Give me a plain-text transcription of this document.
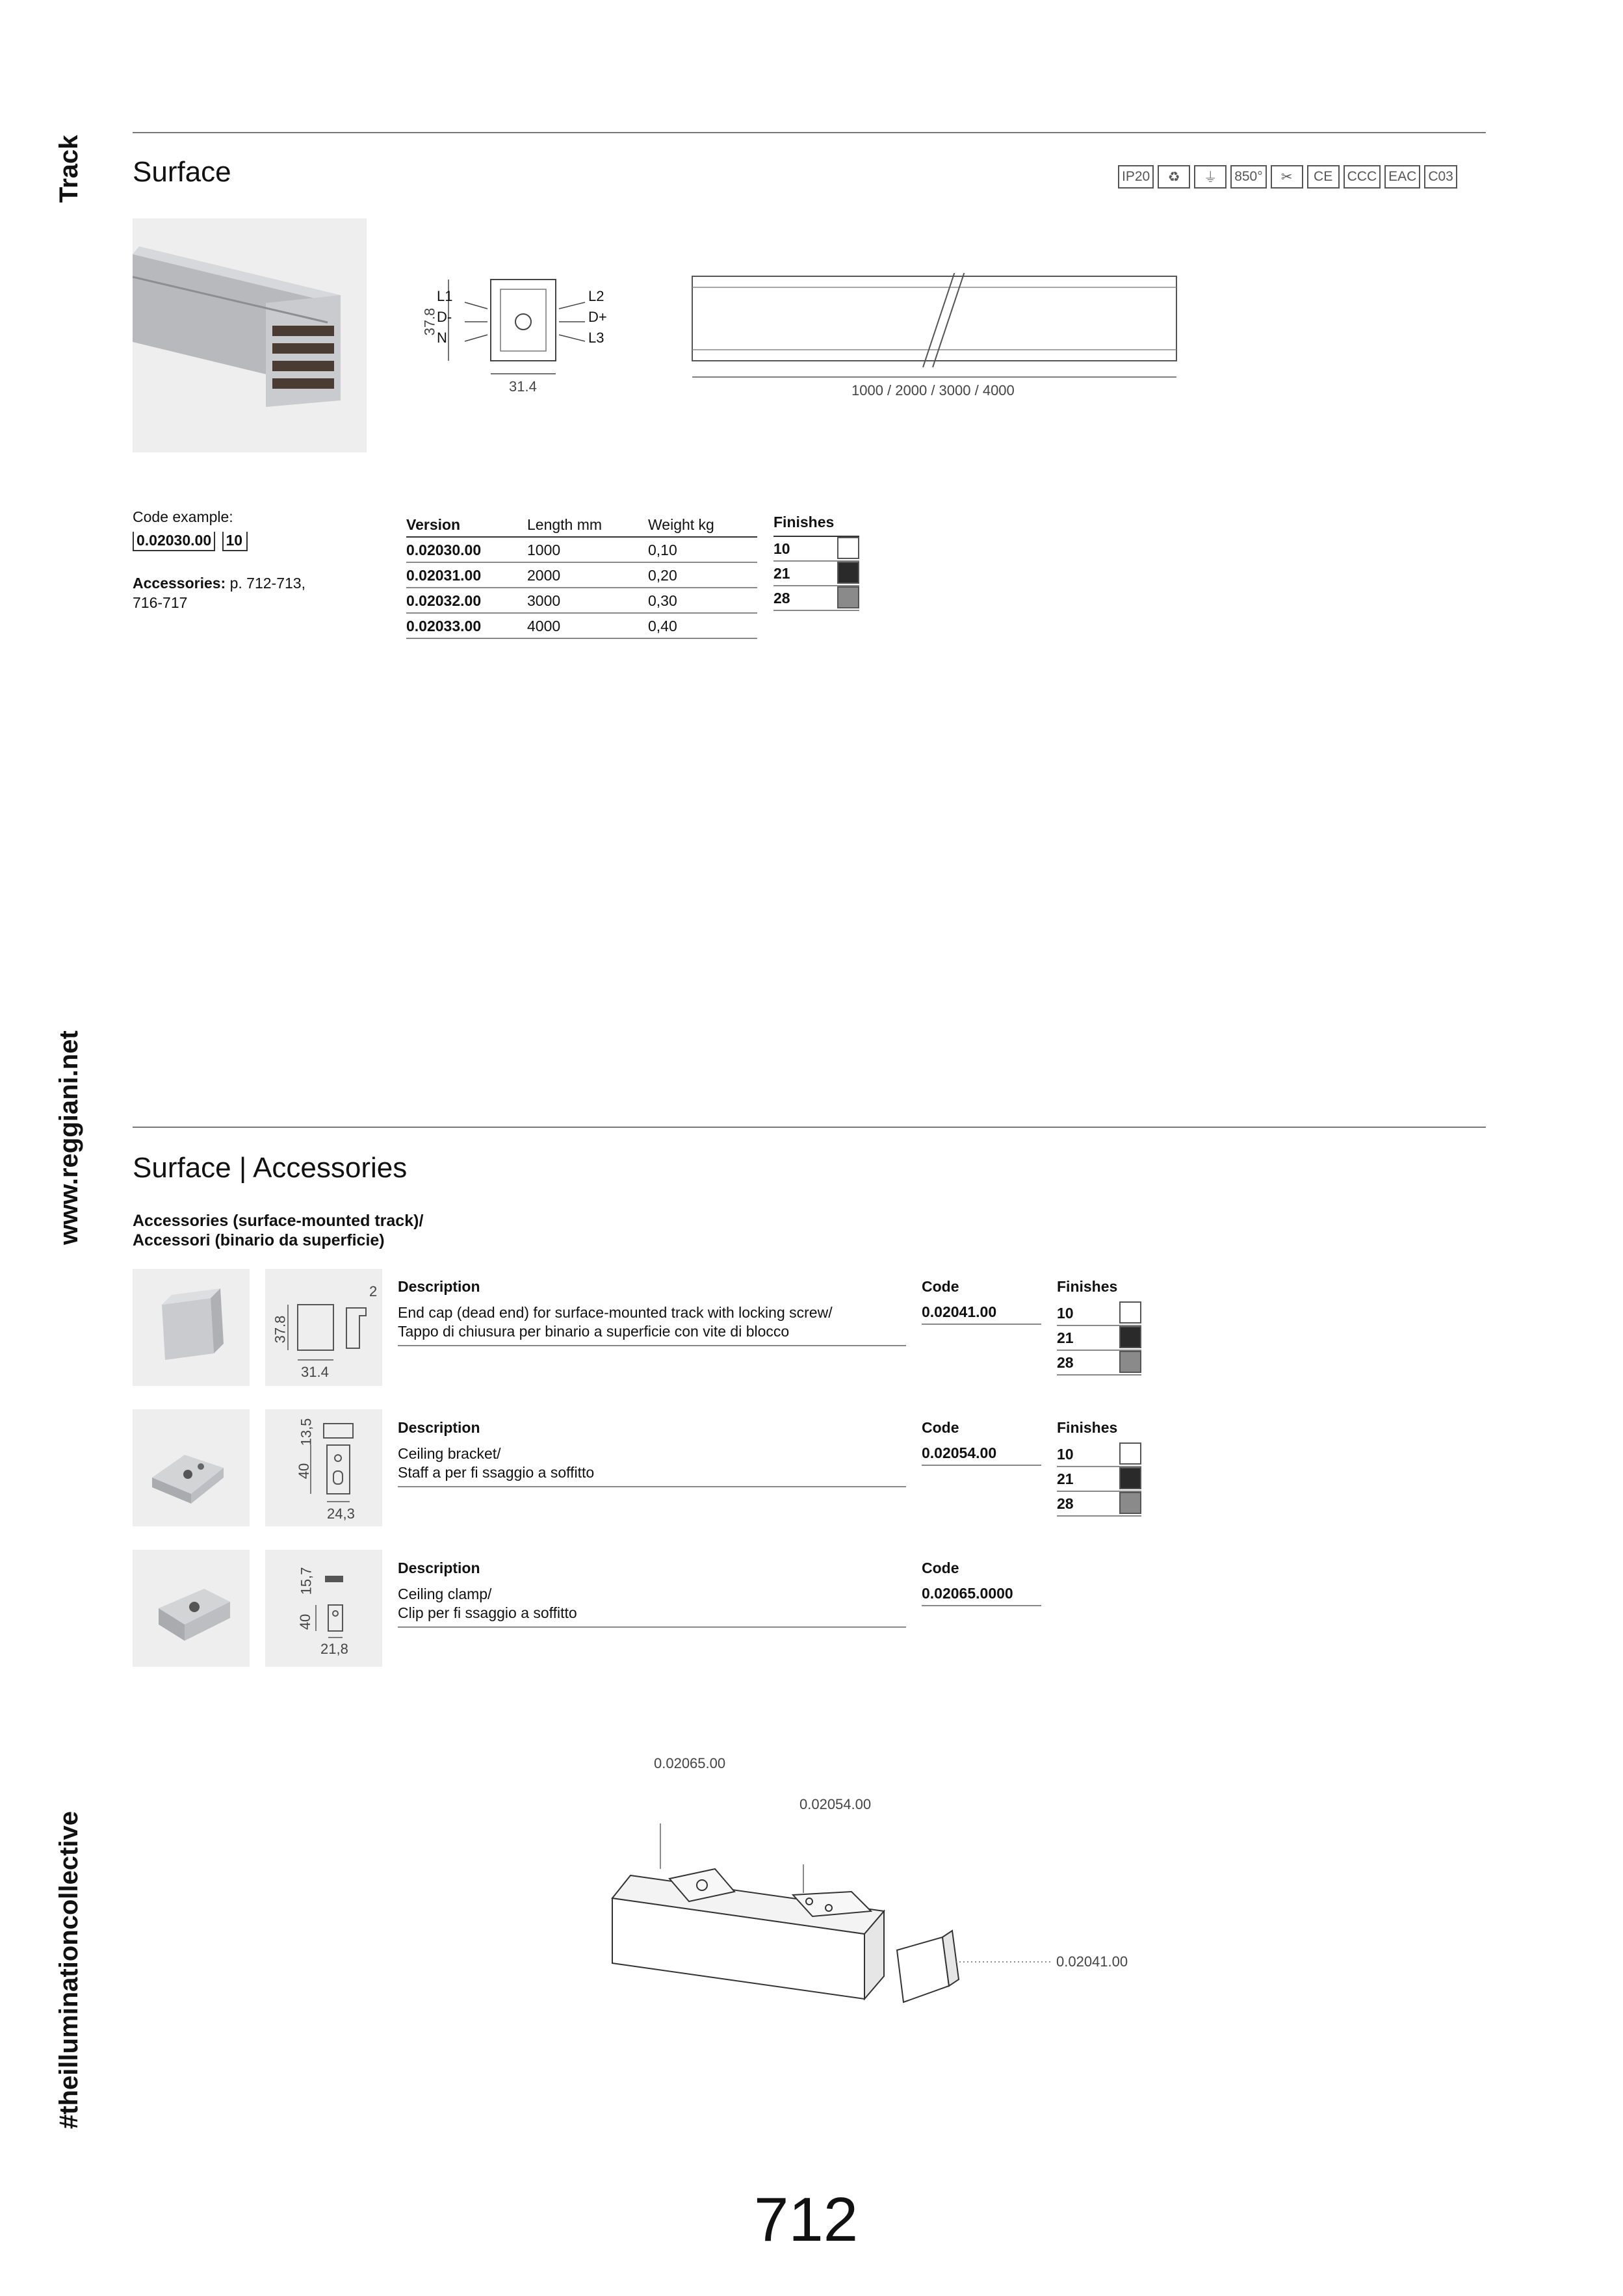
Track
www.reggiani.net
#theilluminationcollective
Surface	IP20	♻	⏚	850°	✂	CE	CCC EAC C03
37.8
31.4
L1
D-
N
L2
D+
L3
1000 / 2000 / 3000 / 4000
Code example:
0.02030.00 10
Accessories: p. 712-713,
716-717
Version	Length mm	Weight kg
0.02030.00	1000	0,10
0.02031.00	2000	0,20
0.02032.00	3000	0,30
0.02033.00	4000	0,40
Finishes
10
21
28
Surface | Accessories
Accessories (surface-mounted track)/
Accessori (binario da superficie)
37.8
31.4
2 Description
End cap (dead end) for surface-mounted track with locking screw/
Tappo di chiusura per binario a superficie con vite di blocco
Code
0.02041.00
Finishes
10
21
28
13,5
40
24,3
Description
Ceiling bracket/
Staff a per fi ssaggio a soffitto
Code
0.02054.00
Finishes
10
21
28
15,7
40
21,8
Description
Ceiling clamp/
Clip per fi ssaggio a soffitto
Code
0.02065.0000
0.02065.00
0.02054.00
0.02041.00
712
